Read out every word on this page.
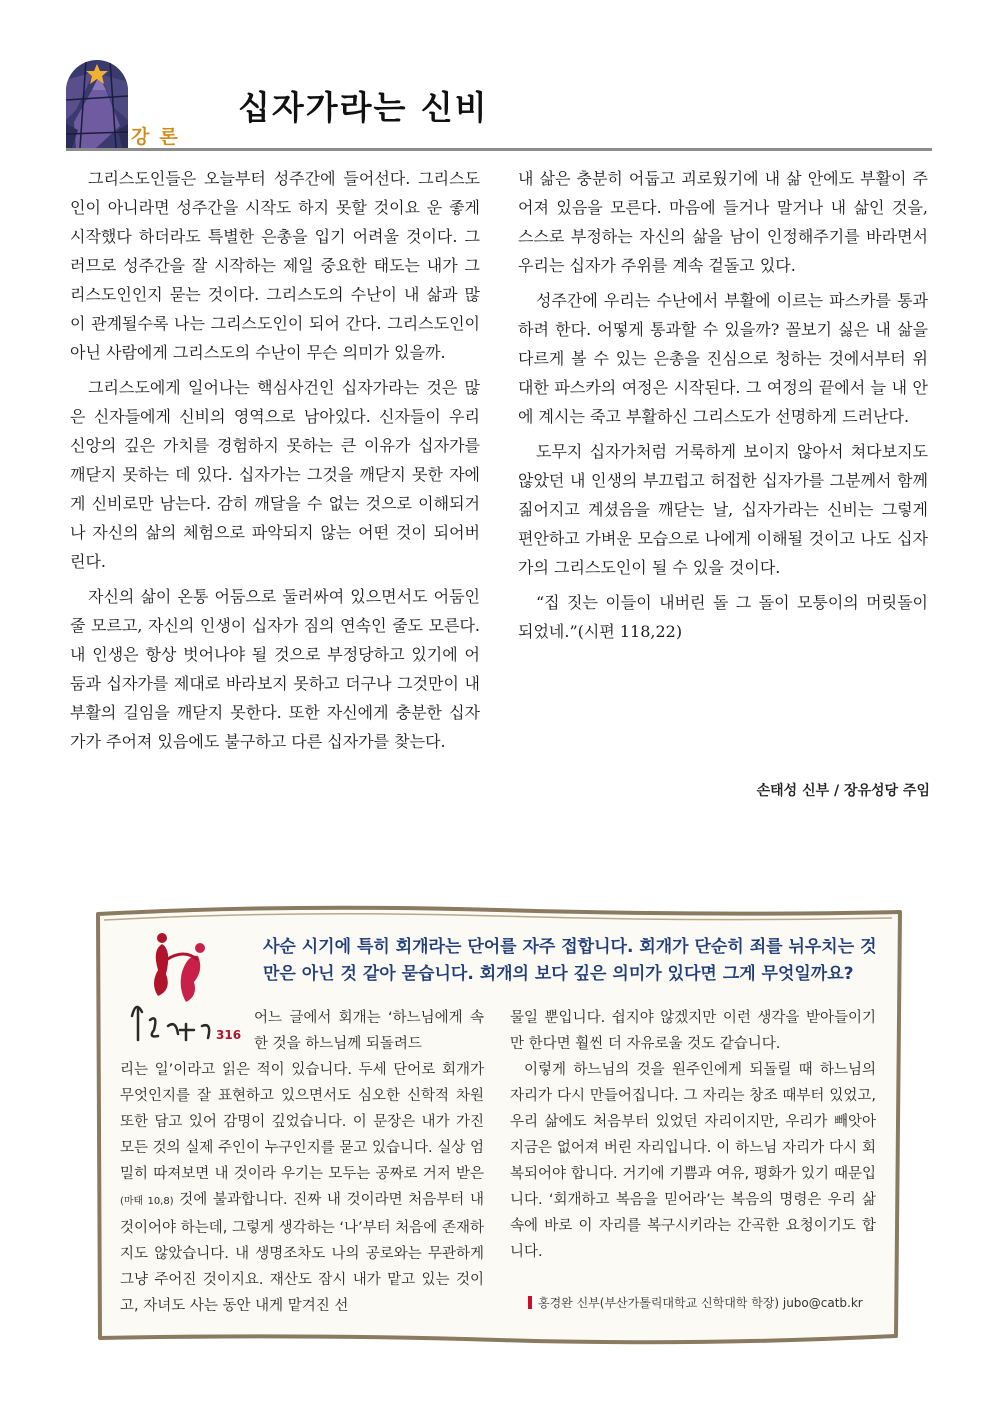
강론
십자가라는 신비

그리스도인들은 오늘부터 성주간에 들어선다. 그리스도인이 아니라면 성주간을 시작도 하지 못할 것이요 운 좋게 시작했다 하더라도 특별한 은총을 입기 어려울 것이다. 그러므로 성주간을 잘 시작하는 제일 중요한 태도는 내가 그리스도인인지 묻는 것이다. 그리스도의 수난이 내 삶과 많이 관계될수록 나는 그리스도인이 되어 간다. 그리스도인이 아닌 사람에게 그리스도의 수난이 무슨 의미가 있을까.

그리스도에게 일어나는 핵심사건인 십자가라는 것은 많은 신자들에게 신비의 영역으로 남아있다. 신자들이 우리 신앙의 깊은 가치를 경험하지 못하는 큰 이유가 십자가를 깨닫지 못하는 데 있다. 십자가는 그것을 깨닫지 못한 자에게 신비로만 남는다. 감히 깨달을 수 없는 것으로 이해되거나 자신의 삶의 체험으로 파악되지 않는 어떤 것이 되어버린다.

자신의 삶이 온통 어둠으로 둘러싸여 있으면서도 어둠인 줄 모르고, 자신의 인생이 십자가 짐의 연속인 줄도 모른다. 내 인생은 항상 벗어나야 될 것으로 부정당하고 있기에 어둠과 십자가를 제대로 바라보지 못하고 더구나 그것만이 내 부활의 길임을 깨닫지 못한다. 또한 자신에게 충분한 십자가가 주어져 있음에도 불구하고 다른 십자가를 찾는다.

내 삶은 충분히 어둡고 괴로웠기에 내 삶 안에도 부활이 주어져 있음을 모른다. 마음에 들거나 말거나 내 삶인 것을, 스스로 부정하는 자신의 삶을 남이 인정해주기를 바라면서 우리는 십자가 주위를 계속 겉돌고 있다.

성주간에 우리는 수난에서 부활에 이르는 파스카를 통과하려 한다. 어떻게 통과할 수 있을까? 꼴보기 싫은 내 삶을 다르게 볼 수 있는 은총을 진심으로 청하는 것에서부터 위대한 파스카의 여정은 시작된다. 그 여정의 끝에서 늘 내 안에 계시는 죽고 부활하신 그리스도가 선명하게 드러난다.

도무지 십자가처럼 거룩하게 보이지 않아서 쳐다보지도 않았던 내 인생의 부끄럽고 허접한 십자가를 그분께서 함께 짊어지고 계셨음을 깨닫는 날, 십자가라는 신비는 그렇게 편안하고 가벼운 모습으로 나에게 이해될 것이고 나도 십자가의 그리스도인이 될 수 있을 것이다.

“집 짓는 이들이 내버린 돌 그 돌이 모퉁이의 머릿돌이 되었네.”(시편 118,22)

손태성 신부 / 장유성당 주임
316

사순 시기에 특히 회개라는 단어를 자주 접합니다. 회개가 단순히 죄를 뉘우치는 것만은 아닌 것 같아 묻습니다. 회개의 보다 깊은 의미가 있다면 그게 무엇일까요?

어느 글에서 회개는 ‘하느님에게 속한 것을 하느님께 되돌려드

리는 일’이라고 읽은 적이 있습니다. 두세 단어로 회개가 무엇인지를 잘 표현하고 있으면서도 심오한 신학적 차원 또한 담고 있어 감명이 깊었습니다. 이 문장은 내가 가진 모든 것의 실제 주인이 누구인지를 묻고 있습니다. 실상 엄밀히 따져보면 내 것이라 우기는 모두는 공짜로 거저 받은(마태 10,8) 것에 불과합니다. 진짜 내 것이라면 처음부터 내 것이어야 하는데, 그렇게 생각하는 ‘나’부터 처음에 존재하지도 않았습니다. 내 생명조차도 나의 공로와는 무관하게 그냥 주어진 것이지요. 재산도 잠시 내가 맡고 있는 것이고, 자녀도 사는 동안 내게 맡겨진 선

물일 뿐입니다. 쉽지야 않겠지만 이런 생각을 받아들이기만 한다면 훨씬 더 자유로울 것도 같습니다.

이렇게 하느님의 것을 원주인에게 되돌릴 때 하느님의 자리가 다시 만들어집니다. 그 자리는 창조 때부터 있었고, 우리 삶에도 처음부터 있었던 자리이지만, 우리가 빼앗아 지금은 없어져 버린 자리입니다. 이 하느님 자리가 다시 회복되어야 합니다. 거기에 기쁨과 여유, 평화가 있기 때문입니다. ‘회개하고 복음을 믿어라’는 복음의 명령은 우리 삶 속에 바로 이 자리를 복구시키라는 간곡한 요청이기도 합니다.

홍경완 신부(부산가톨릭대학교 신학대학 학장) jubo@catb.kr
